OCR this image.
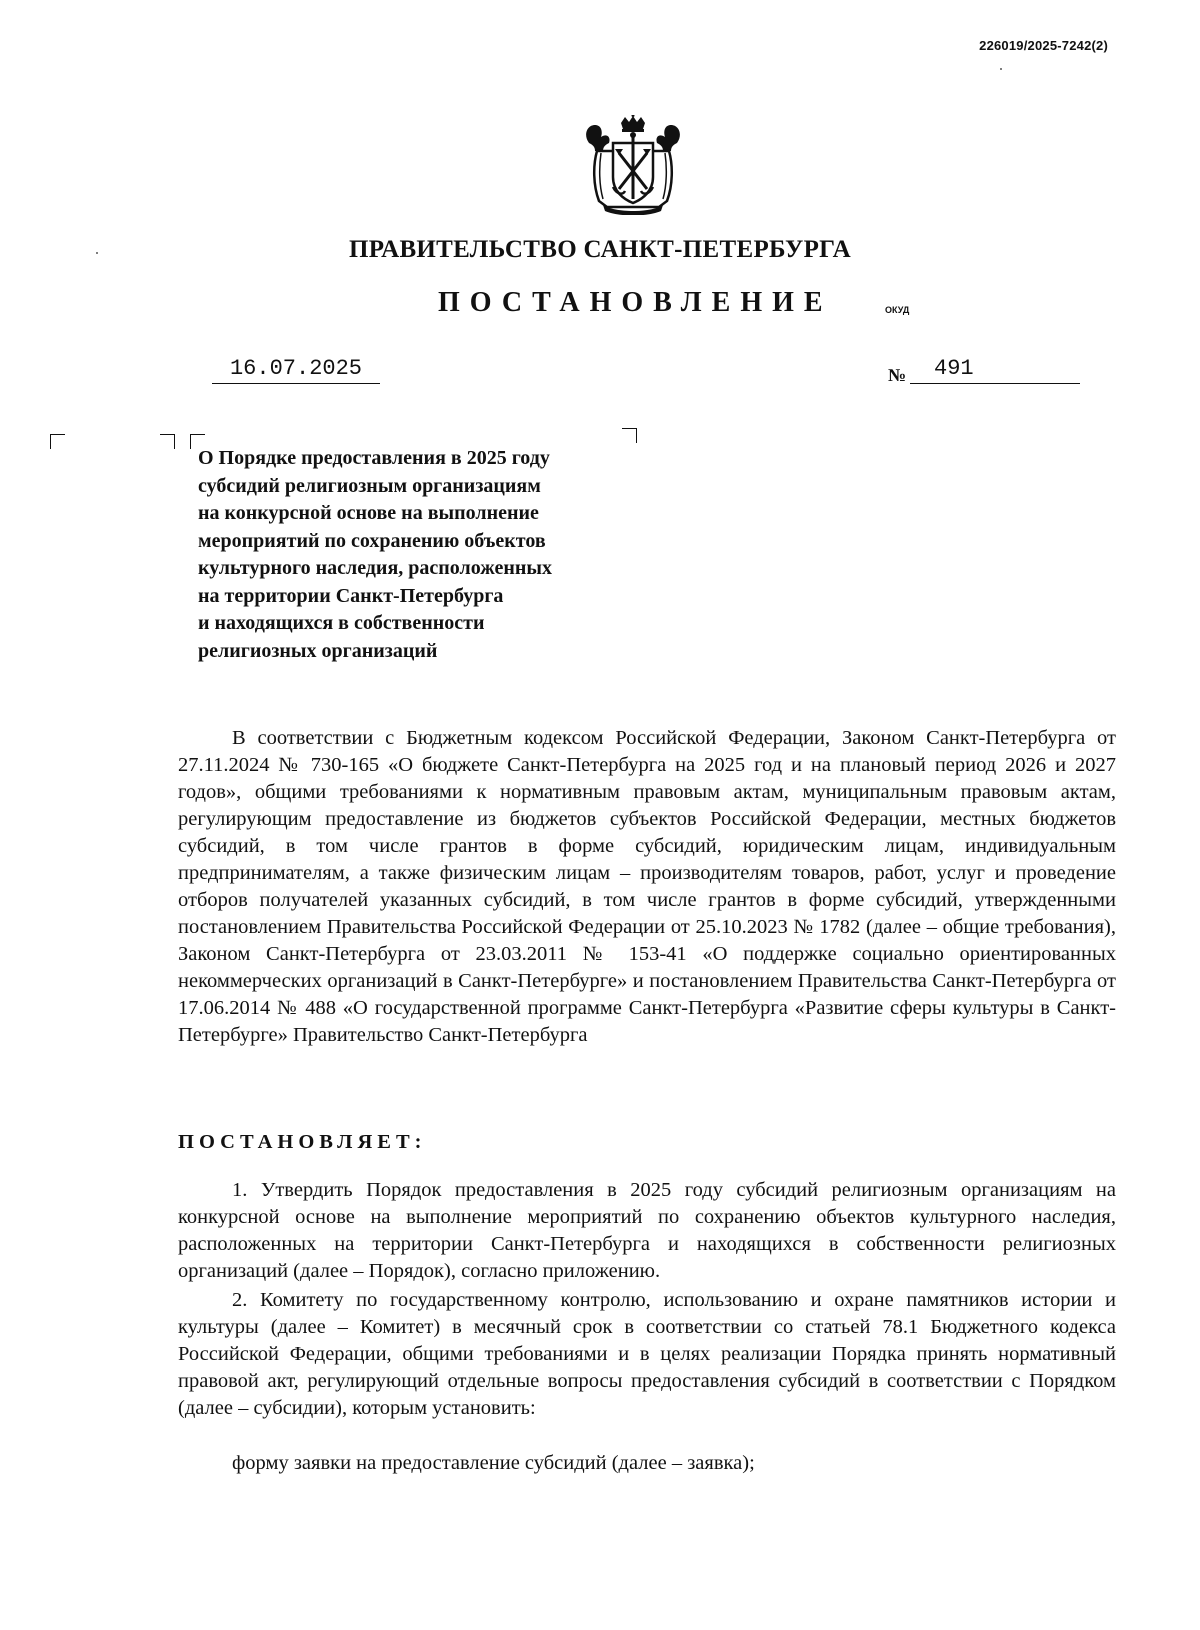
226019/2025-7242(2)
ПРАВИТЕЛЬСТВО САНКТ-ПЕТЕРБУРГА
ПОСТАНОВЛЕНИЕ	ОКУД
16.07.2025	№	491
О Порядке предоставления в 2025 году
субсидий религиозным организациям
на конкурсной основе на выполнение
мероприятий по сохранению объектов
культурного наследия, расположенных
на территории Санкт-Петербурга
и находящихся в собственности
религиозных организаций
В соответствии с Бюджетным кодексом Российской Федерации, Законом Санкт-Петербурга от 27.11.2024 № 730-165 «О бюджете Санкт-Петербурга на 2025 год и на плановый период 2026 и 2027 годов», общими требованиями к нормативным правовым актам, муниципальным правовым актам, регулирующим предоставление из бюджетов субъектов Российской Федерации, местных бюджетов субсидий, в том числе грантов в форме субсидий, юридическим лицам, индивидуальным предпринимателям, а также физическим лицам – производителям товаров, работ, услуг и проведение отборов получателей указанных субсидий, в том числе грантов в форме субсидий, утвержденными постановлением Правительства Российской Федерации от 25.10.2023 № 1782 (далее – общие требования), Законом Санкт-Петербурга от 23.03.2011 № 153-41 «О поддержке социально ориентированных некоммерческих организаций в Санкт-Петербурге» и постановлением Правительства Санкт-Петербурга от 17.06.2014 № 488 «О государственной программе Санкт-Петербурга «Развитие сферы культуры в Санкт-Петербурге» Правительство Санкт-Петербурга
ПОСТАНОВЛЯЕТ:
1. Утвердить Порядок предоставления в 2025 году субсидий религиозным организациям на конкурсной основе на выполнение мероприятий по сохранению объектов культурного наследия, расположенных на территории Санкт-Петербурга и находящихся в собственности религиозных организаций (далее – Порядок), согласно приложению.
2. Комитету по государственному контролю, использованию и охране памятников истории и культуры (далее – Комитет) в месячный срок в соответствии со статьей 78.1 Бюджетного кодекса Российской Федерации, общими требованиями и в целях реализации Порядка принять нормативный правовой акт, регулирующий отдельные вопросы предоставления субсидий в соответствии с Порядком (далее – субсидии), которым установить:
форму заявки на предоставление субсидий (далее – заявка);
